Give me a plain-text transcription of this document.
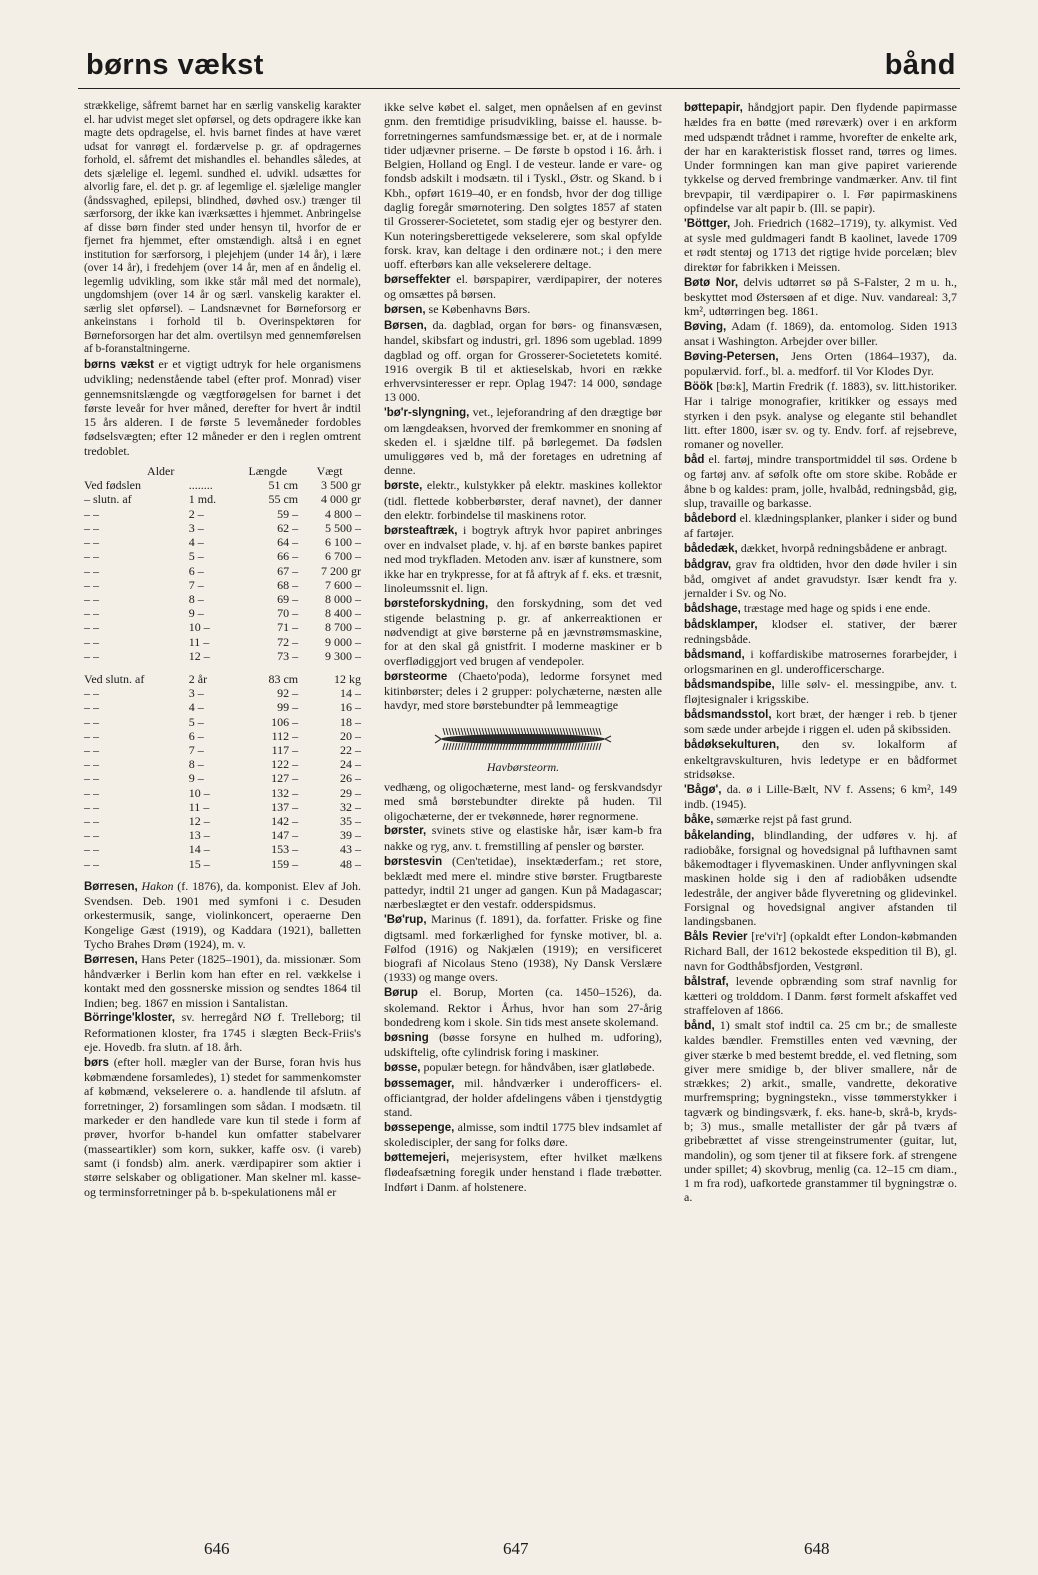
børns vækst	bånd

strækkelige, såfremt barnet har en særlig vanskelig karakter el. har udvist meget slet opførsel, og dets opdragere ikke kan magte dets opdragelse, el. hvis barnet findes at have været udsat for vanrøgt el. fordærvelse p. gr. af opdragernes forhold, el. såfremt det mishandles el. behandles således, at dets sjælelige el. legeml. sundhed el. udvikl. udsættes for alvorlig fare, el. det p. gr. af legemlige el. sjælelige mangler (åndssvaghed, epilepsi, blindhed, døvhed osv.) trænger til særforsorg, der ikke kan iværksættes i hjemmet. Anbringelse af disse børn finder sted under hensyn til, hvorfor de er fjernet fra hjemmet, efter omstændigh. altså i en egnet institution for særforsorg, i plejehjem (under 14 år), i lære (over 14 år), i fredehjem (over 14 år, men af en åndelig el. legemlig udvikling, som ikke står mål med det normale), ungdomshjem (over 14 år og særl. vanskelig karakter el. særlig slet opførsel). – Landsnævnet for Børneforsorg er ankeinstans i forhold til b. Overinspektøren for Børneforsorgen har det alm. overtilsyn med gennemførelsen af b-foranstaltningerne.

børns vækst er et vigtigt udtryk for hele organismens udvikling; nedenstående tabel (efter prof. Monrad) viser gennemsnitslængde og vægtforøgelsen for barnet i det første leveår for hver måned, derefter for hvert år indtil 15 års alderen. I de første 5 levemåneder fordobles fødselsvægten; efter 12 måneder er den i reglen omtrent tredoblet.

Alder		Længde	Vægt
Ved fødslen	........	51 cm	3 500 gr
– slutn. af	1 md.	55 cm	4 000 gr
– –	2 –	59 –	4 800 –
– –	3 –	62 –	5 500 –
– –	4 –	64 –	6 100 –
– –	5 –	66 –	6 700 –
– –	6 –	67 –	7 200 gr
– –	7 –	68 –	7 600 –
– –	8 –	69 –	8 000 –
– –	9 –	70 –	8 400 –
– –	10 –	71 –	8 700 –
– –	11 –	72 –	9 000 –
– –	12 –	73 –	9 300 –

Ved slutn. af	2 år	83 cm	12 kg
– –	3 –	92 –	14 –
– –	4 –	99 –	16 –
– –	5 –	106 –	18 –
– –	6 –	112 –	20 –
– –	7 –	117 –	22 –
– –	8 –	122 –	24 –
– –	9 –	127 –	26 –
– –	10 –	132 –	29 –
– –	11 –	137 –	32 –
– –	12 –	142 –	35 –
– –	13 –	147 –	39 –
– –	14 –	153 –	43 –
– –	15 –	159 –	48 –

Børresen, Hakon (f. 1876), da. komponist. Elev af Joh. Svendsen. Deb. 1901 med symfoni i c. Desuden orkestermusik, sange, violinkoncert, operaerne Den Kongelige Gæst (1919), og Kaddara (1921), balletten Tycho Brahes Drøm (1924), m. v.

Børresen, Hans Peter (1825–1901), da. missionær. Som håndværker i Berlin kom han efter en rel. vækkelse i kontakt med den gossnerske mission og sendtes 1864 til Indien; beg. 1867 en mission i Santalistan.

Börringe'kloster, sv. herregård NØ f. Trelleborg; til Reformationen kloster, fra 1745 i slægten Beck-Friis's eje. Hovedb. fra slutn. af 18. årh.

børs (efter holl. mægler van der Burse, foran hvis hus købmændene forsamledes), 1) stedet for sammenkomster af købmænd, vekselerere o. a. handlende til afslutn. af forretninger, 2) forsamlingen som sådan. I modsætn. til markeder er den handlede vare kun til stede i form af prøver, hvorfor b-handel kun omfatter stabelvarer (masseartikler) som korn, sukker, kaffe osv. (i vareb) samt (i fondsb) alm. anerk. værdipapirer som aktier i større selskaber og obligationer. Man skelner ml. kasse- og terminsforretninger på b. b-spekulationens mål er

ikke selve købet el. salget, men opnåelsen af en gevinst gnm. den fremtidige prisudvikling, baisse el. hausse. b-forretningernes samfundsmæssige bet. er, at de i normale tider udjævner priserne. – De første b opstod i 16. årh. i Belgien, Holland og Engl. I de vesteur. lande er vare- og fondsb adskilt i modsætn. til i Tyskl., Østr. og Skand. b i Kbh., opført 1619–40, er en fondsb, hvor der dog tillige daglig foregår smørnotering. Den solgtes 1857 af staten til Grosserer-Societetet, som stadig ejer og bestyrer den. Kun noteringsberettigede vekselerere, som skal opfylde forsk. krav, kan deltage i den ordinære not.; i den mere uoff. efterbørs kan alle vekselerere deltage.

børseffekter el. børspapirer, værdipapirer, der noteres og omsættes på børsen.

børsen, se Københavns Børs.

Børsen, da. dagblad, organ for børs- og finansvæsen, handel, skibsfart og industri, grl. 1896 som ugeblad. 1899 dagblad og off. organ for Grosserer-Societetets komité. 1916 overgik B til et aktieselskab, hvori en række erhvervsinteresser er repr. Oplag 1947: 14 000, søndage 13 000.

'bø'r-slyngning, vet., lejeforandring af den drægtige bør om længdeaksen, hvorved der fremkommer en snoning af skeden el. i sjældne tilf. på børlegemet. Da fødslen umuliggøres ved b, må der foretages en udretning af denne.

børste, elektr., kulstykker på elektr. maskines kollektor (tidl. flettede kobberbørster, deraf navnet), der danner den elektr. forbindelse til maskinens rotor.

børsteaftræk, i bogtryk aftryk hvor papiret anbringes over en indvalset plade, v. hj. af en børste bankes papiret ned mod trykfladen. Metoden anv. især af kunstnere, som ikke har en trykpresse, for at få aftryk af f. eks. et træsnit, linoleumssnit el. lign.

børsteforskydning, den forskydning, som det ved stigende belastning p. gr. af ankerreaktionen er nødvendigt at give børsterne på en jævnstrømsmaskine, for at den skal gå gnistfrit. I moderne maskiner er b overflødiggjort ved brugen af vendepoler.

børsteorme (Chaeto'poda), ledorme forsynet med kitinbørster; deles i 2 grupper: polychæterne, næsten alle havdyr, med store børstebundter på lemmeagtige

Havbørsteorm.

vedhæng, og oligochæterne, mest land- og ferskvandsdyr med små børstebundter direkte på huden. Til oligochæterne, der er tvekønnede, hører regnormene.

børster, svinets stive og elastiske hår, især kam-b fra nakke og ryg, anv. t. fremstilling af pensler og børster.

børstesvin (Cen'tetidae), insektæderfam.; ret store, beklædt med mere el. mindre stive børster. Frugtbareste pattedyr, indtil 21 unger ad gangen. Kun på Madagascar; nærbeslægtet er den vestafr. odderspidsmus.

'Bø'rup, Marinus (f. 1891), da. forfatter. Friske og fine digtsaml. med forkærlighed for fynske motiver, bl. a. Følfod (1916) og Nakjælen (1919); en versificeret biografi af Nicolaus Steno (1938), Ny Dansk Verslære (1933) og mange overs.

Børup el. Borup, Morten (ca. 1450–1526), da. skolemand. Rektor i Århus, hvor han som 27-årig bondedreng kom i skole. Sin tids mest ansete skolemand.

bøsning (bøsse forsyne en hulhed m. udforing), udskiftelig, ofte cylindrisk foring i maskiner.

bøsse, populær betegn. for håndvåben, især glatløbede.

bøssemager, mil. håndværker i underofficers- el. officiantgrad, der holder afdelingens våben i tjenstdygtig stand.

bøssepenge, almisse, som indtil 1775 blev indsamlet af skolediscipler, der sang for folks døre.

bøttemejeri, mejerisystem, efter hvilket mælkens flødeafsætning foregik under henstand i flade træbøtter. Indført i Danm. af holstenere.

bøttepapir, håndgjort papir. Den flydende papirmasse hældes fra en bøtte (med røreværk) over i en arkform med udspændt trådnet i ramme, hvorefter de enkelte ark, der har en karakteristisk flosset rand, tørres og limes. Under formningen kan man give papiret varierende tykkelse og derved frembringe vandmærker. Anv. til fint brevpapir, til værdipapirer o. l. Før papirmaskinens opfindelse var alt papir b. (Ill. se papir).

'Böttger, Joh. Friedrich (1682–1719), ty. alkymist. Ved at sysle med guldmageri fandt B kaolinet, lavede 1709 et rødt stentøj og 1713 det rigtige hvide porcelæn; blev direktør for fabrikken i Meissen.

Bøtø Nor, delvis udtørret sø på S-Falster, 2 m u. h., beskyttet mod Østersøen af et dige. Nuv. vandareal: 3,7 km², udtørringen beg. 1861.

Bøving, Adam (f. 1869), da. entomolog. Siden 1913 ansat i Washington. Arbejder over biller.

Bøving-Petersen, Jens Orten (1864–1937), da. populærvid. forf., bl. a. medforf. til Vor Klodes Dyr.

Böök [bø:k], Martin Fredrik (f. 1883), sv. litt.historiker. Har i talrige monografier, kritikker og essays med styrken i den psyk. analyse og elegante stil behandlet litt. efter 1800, især sv. og ty. Endv. forf. af rejsebreve, romaner og noveller.

båd el. fartøj, mindre transportmiddel til søs. Ordene b og fartøj anv. af søfolk ofte om store skibe. Robåde er åbne b og kaldes: pram, jolle, hvalbåd, redningsbåd, gig, slup, travaille og barkasse.

bådebord el. klædningsplanker, planker i sider og bund af fartøjer.

bådedæk, dækket, hvorpå redningsbådene er anbragt.

bådgrav, grav fra oldtiden, hvor den døde hviler i sin båd, omgivet af andet gravudstyr. Især kendt fra y. jernalder i Sv. og No.

bådshage, træstage med hage og spids i ene ende.

bådsklamper, klodser el. stativer, der bærer redningsbåde.

bådsmand, i koffardiskibe matrosernes forarbejder, i orlogsmarinen en gl. underofficerscharge.

bådsmandspibe, lille sølv- el. messingpibe, anv. t. fløjtesignaler i krigsskibe.

bådsmandsstol, kort bræt, der hænger i reb. b tjener som sæde under arbejde i riggen el. uden på skibssiden.

bådøksekulturen, den sv. lokalform af enkeltgravskulturen, hvis ledetype er en bådformet stridsøkse.

'Bågø', da. ø i Lille-Bælt, NV f. Assens; 6 km², 149 indb. (1945).

båke, sømærke rejst på fast grund.

båkelanding, blindlanding, der udføres v. hj. af radiobåke, forsignal og hovedsignal på lufthavnen samt båkemodtager i flyvemaskinen. Under anflyvningen skal maskinen holde sig i den af radiobåken udsendte ledestråle, der angiver både flyveretning og glidevinkel. Forsignal og hovedsignal angiver afstanden til landingsbanen.

Båls Revier [re'vi'r] (opkaldt efter London-købmanden Richard Ball, der 1612 bekostede ekspedition til B), gl. navn for Godthåbsfjorden, Vestgrønl.

bålstraf, levende opbrænding som straf navnlig for kætteri og trolddom. I Danm. først formelt afskaffet ved straffeloven af 1866.

bånd, 1) smalt stof indtil ca. 25 cm br.; de smalleste kaldes bændler. Fremstilles enten ved vævning, der giver stærke b med bestemt bredde, el. ved fletning, som giver mere smidige b, der bliver smallere, når de strækkes; 2) arkit., smalle, vandrette, dekorative murfremspring; bygningstekn., visse tømmerstykker i tagværk og bindingsværk, f. eks. hane-b, skrå-b, kryds-b; 3) mus., smalle metallister der går på tværs af gribebrættet af visse strengeinstrumenter (guitar, lut, mandolin), og som tjener til at fiksere fork. af strengene under spillet; 4) skovbrug, menlig (ca. 12–15 cm diam., 1 m fra rod), uafkortede granstammer til bygningstræ o. a.

646	647	648
